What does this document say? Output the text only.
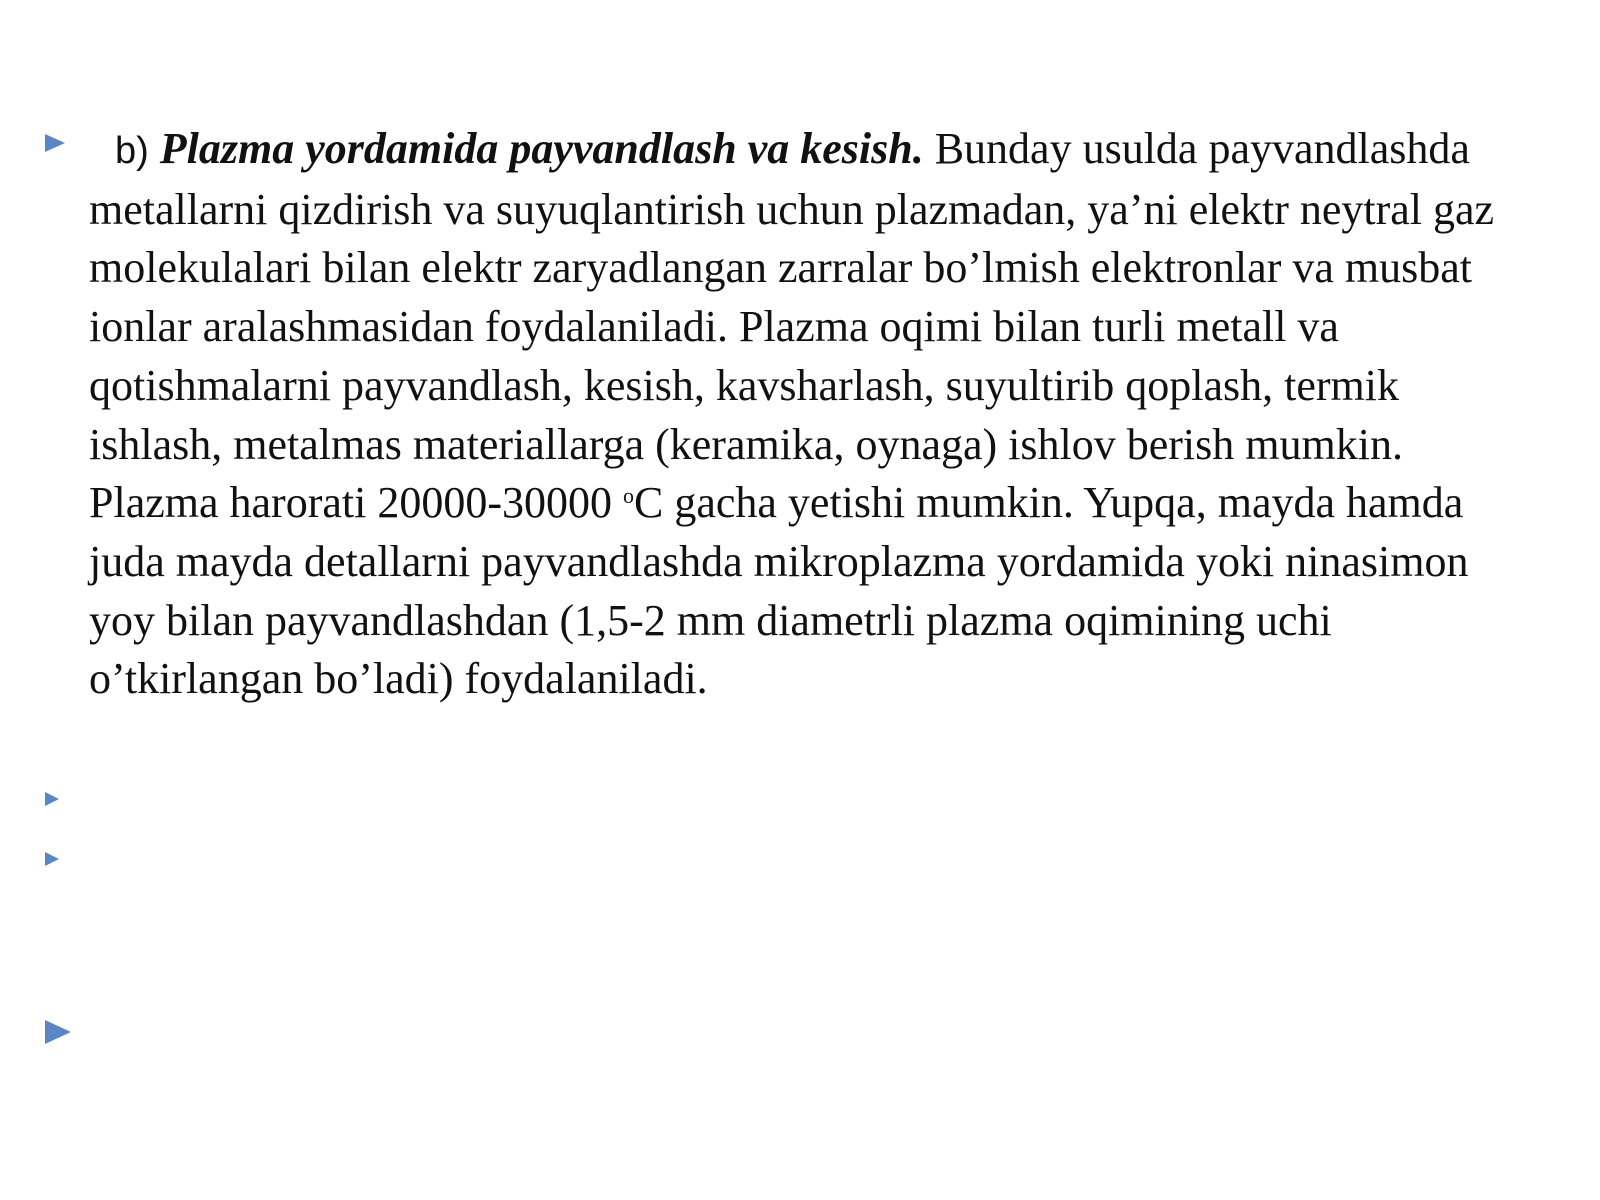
b) Plazma yordamida payvandlash va kesish. Bunday usulda payvandlashda metallarni qizdirish va suyuqlantirish uchun plazmadan, ya’ni elektr neytral gaz molekulalari bilan elektr zaryadlangan zarralar bo’lmish elektronlar va musbat ionlar aralashmasidan foydalaniladi. Plazma oqimi bilan turli metall va qotishmalarni payvandlash, kesish, kavsharlash, suyultirib qoplash, termik ishlash, metalmas materiallarga (keramika, oynaga) ishlov berish mumkin. Plazma harorati 20000-30000 $^o$C gacha yetishi mumkin. Yupqa, mayda hamda juda mayda detallarni payvandlashda mikroplazma yordamida yoki ninasimon yoy bilan payvandlashdan (1,5-2 mm diametrli plazma oqimining uchi o’tkirlangan bo’ladi) foydalaniladi.
